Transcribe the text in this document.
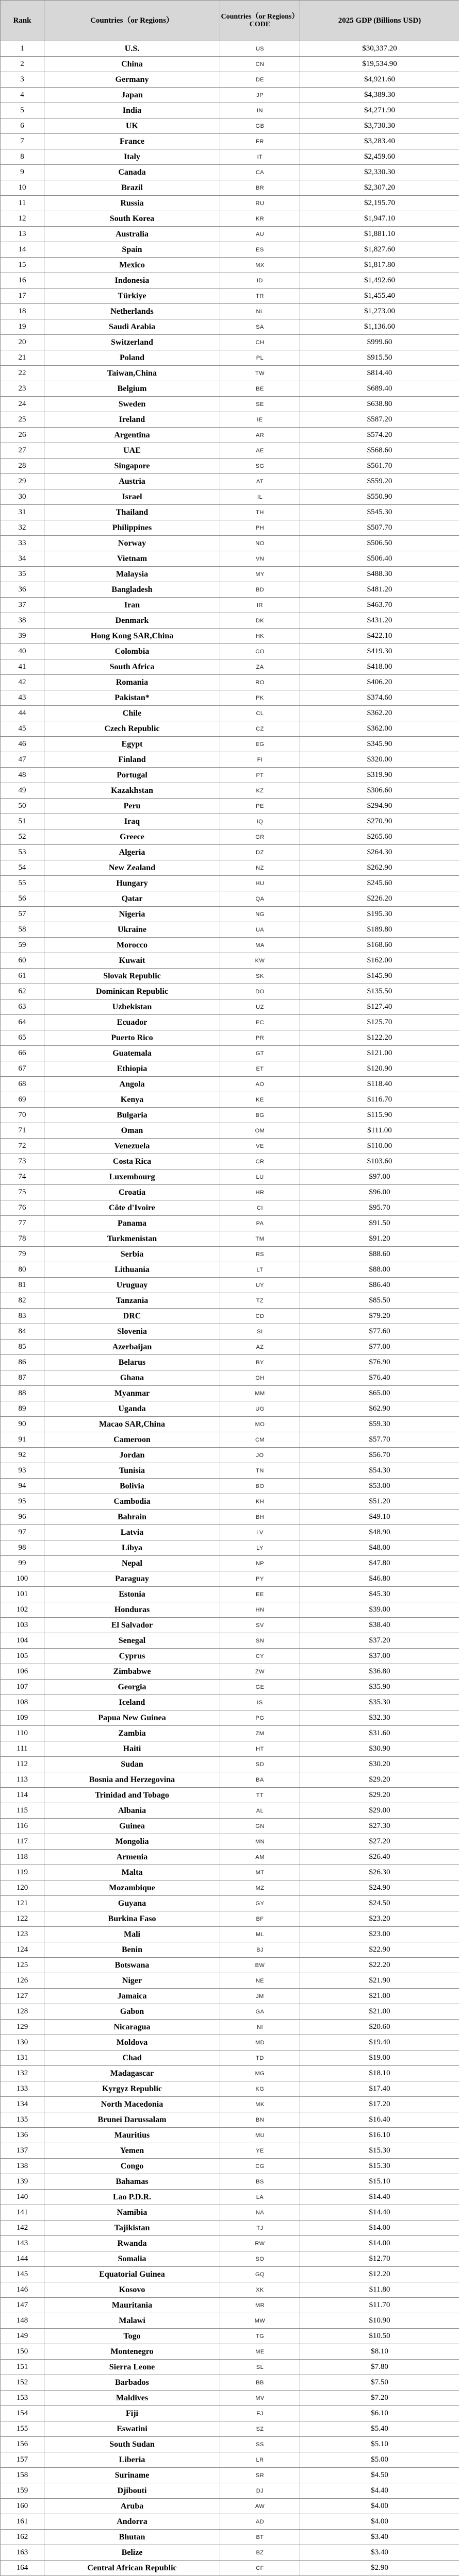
Rank	Countries（or Regions）	Countries（or Regions）CODE	2025 GDP (Billions USD)
1	U.S.	US	$30,337.20
2	China	CN	$19,534.90
3	Germany	DE	$4,921.60
4	Japan	JP	$4,389.30
5	India	IN	$4,271.90
6	UK	GB	$3,730.30
7	France	FR	$3,283.40
8	Italy	IT	$2,459.60
9	Canada	CA	$2,330.30
10	Brazil	BR	$2,307.20
11	Russia	RU	$2,195.70
12	South Korea	KR	$1,947.10
13	Australia	AU	$1,881.10
14	Spain	ES	$1,827.60
15	Mexico	MX	$1,817.80
16	Indonesia	ID	$1,492.60
17	Türkiye	TR	$1,455.40
18	Netherlands	NL	$1,273.00
19	Saudi Arabia	SA	$1,136.60
20	Switzerland	CH	$999.60
21	Poland	PL	$915.50
22	Taiwan,China	TW	$814.40
23	Belgium	BE	$689.40
24	Sweden	SE	$638.80
25	Ireland	IE	$587.20
26	Argentina	AR	$574.20
27	UAE	AE	$568.60
28	Singapore	SG	$561.70
29	Austria	AT	$559.20
30	Israel	IL	$550.90
31	Thailand	TH	$545.30
32	Philippines	PH	$507.70
33	Norway	NO	$506.50
34	Vietnam	VN	$506.40
35	Malaysia	MY	$488.30
36	Bangladesh	BD	$481.20
37	Iran	IR	$463.70
38	Denmark	DK	$431.20
39	Hong Kong SAR,China	HK	$422.10
40	Colombia	CO	$419.30
41	South Africa	ZA	$418.00
42	Romania	RO	$406.20
43	Pakistan*	PK	$374.60
44	Chile	CL	$362.20
45	Czech Republic	CZ	$362.00
46	Egypt	EG	$345.90
47	Finland	FI	$320.00
48	Portugal	PT	$319.90
49	Kazakhstan	KZ	$306.60
50	Peru	PE	$294.90
51	Iraq	IQ	$270.90
52	Greece	GR	$265.60
53	Algeria	DZ	$264.30
54	New Zealand	NZ	$262.90
55	Hungary	HU	$245.60
56	Qatar	QA	$226.20
57	Nigeria	NG	$195.30
58	Ukraine	UA	$189.80
59	Morocco	MA	$168.60
60	Kuwait	KW	$162.00
61	Slovak Republic	SK	$145.90
62	Dominican Republic	DO	$135.50
63	Uzbekistan	UZ	$127.40
64	Ecuador	EC	$125.70
65	Puerto Rico	PR	$122.20
66	Guatemala	GT	$121.00
67	Ethiopia	ET	$120.90
68	Angola	AO	$118.40
69	Kenya	KE	$116.70
70	Bulgaria	BG	$115.90
71	Oman	OM	$111.00
72	Venezuela	VE	$110.00
73	Costa Rica	CR	$103.60
74	Luxembourg	LU	$97.00
75	Croatia	HR	$96.00
76	Côte d'Ivoire	CI	$95.70
77	Panama	PA	$91.50
78	Turkmenistan	TM	$91.20
79	Serbia	RS	$88.60
80	Lithuania	LT	$88.00
81	Uruguay	UY	$86.40
82	Tanzania	TZ	$85.50
83	DRC	CD	$79.20
84	Slovenia	SI	$77.60
85	Azerbaijan	AZ	$77.00
86	Belarus	BY	$76.90
87	Ghana	GH	$76.40
88	Myanmar	MM	$65.00
89	Uganda	UG	$62.90
90	Macao SAR,China	MO	$59.30
91	Cameroon	CM	$57.70
92	Jordan	JO	$56.70
93	Tunisia	TN	$54.30
94	Bolivia	BO	$53.00
95	Cambodia	KH	$51.20
96	Bahrain	BH	$49.10
97	Latvia	LV	$48.90
98	Libya	LY	$48.00
99	Nepal	NP	$47.80
100	Paraguay	PY	$46.80
101	Estonia	EE	$45.30
102	Honduras	HN	$39.00
103	El Salvador	SV	$38.40
104	Senegal	SN	$37.20
105	Cyprus	CY	$37.00
106	Zimbabwe	ZW	$36.80
107	Georgia	GE	$35.90
108	Iceland	IS	$35.30
109	Papua New Guinea	PG	$32.30
110	Zambia	ZM	$31.60
111	Haiti	HT	$30.90
112	Sudan	SD	$30.20
113	Bosnia and Herzegovina	BA	$29.20
114	Trinidad and Tobago	TT	$29.20
115	Albania	AL	$29.00
116	Guinea	GN	$27.30
117	Mongolia	MN	$27.20
118	Armenia	AM	$26.40
119	Malta	MT	$26.30
120	Mozambique	MZ	$24.90
121	Guyana	GY	$24.50
122	Burkina Faso	BF	$23.20
123	Mali	ML	$23.00
124	Benin	BJ	$22.90
125	Botswana	BW	$22.20
126	Niger	NE	$21.90
127	Jamaica	JM	$21.00
128	Gabon	GA	$21.00
129	Nicaragua	NI	$20.60
130	Moldova	MD	$19.40
131	Chad	TD	$19.00
132	Madagascar	MG	$18.10
133	Kyrgyz Republic	KG	$17.40
134	North Macedonia	MK	$17.20
135	Brunei Darussalam	BN	$16.40
136	Mauritius	MU	$16.10
137	Yemen	YE	$15.30
138	Congo	CG	$15.30
139	Bahamas	BS	$15.10
140	Lao P.D.R.	LA	$14.40
141	Namibia	NA	$14.40
142	Tajikistan	TJ	$14.00
143	Rwanda	RW	$14.00
144	Somalia	SO	$12.70
145	Equatorial Guinea	GQ	$12.20
146	Kosovo	XK	$11.80
147	Mauritania	MR	$11.70
148	Malawi	MW	$10.90
149	Togo	TG	$10.50
150	Montenegro	ME	$8.10
151	Sierra Leone	SL	$7.80
152	Barbados	BB	$7.50
153	Maldives	MV	$7.20
154	Fiji	FJ	$6.10
155	Eswatini	SZ	$5.40
156	South Sudan	SS	$5.10
157	Liberia	LR	$5.00
158	Suriname	SR	$4.50
159	Djibouti	DJ	$4.40
160	Aruba	AW	$4.00
161	Andorra	AD	$4.00
162	Bhutan	BT	$3.40
163	Belize	BZ	$3.40
164	Central African Republic	CF	$2.90
